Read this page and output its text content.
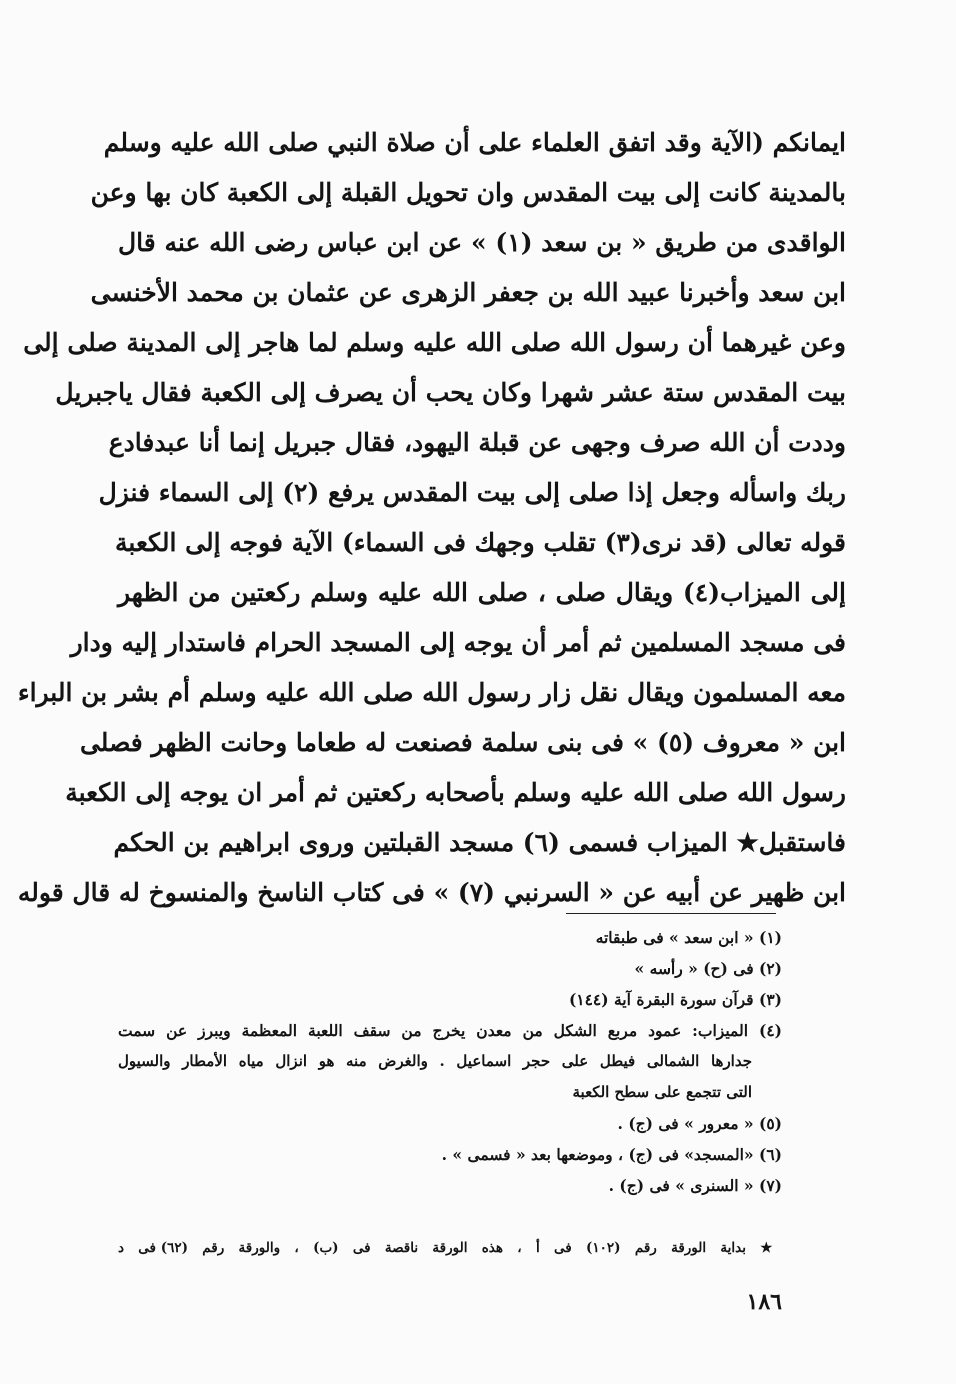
ايمانكم (الآية وقد اتفق العلماء على أن صلاة النبي صلى الله عليه وسلم
بالمدينة كانت إلى بيت المقدس وان تحويل القبلة إلى الكعبة كان بها وعن
الواقدى من طريق « بن سعد (١) » عن ابن عباس رضى الله عنه قال
ابن سعد وأخبرنا عبيد الله بن جعفر الزهرى عن عثمان بن محمد الأخنسى
وعن غيرهما أن رسول الله صلى الله عليه وسلم لما هاجر إلى المدينة صلى إلى
بيت المقدس ستة عشر شهرا وكان يحب أن يصرف إلى الكعبة فقال ياجبريل
وددت أن الله صرف وجهى عن قبلة اليهود، فقال جبريل إنما أنا عبدفادع
ربك واسأله وجعل إذا صلى إلى بيت المقدس يرفع (٢) إلى السماء فنزل
قوله تعالى (قد نرى(٣) تقلب وجهك فى السماء) الآية فوجه إلى الكعبة
إلى الميزاب(٤) ويقال صلى ، صلى الله عليه وسلم ركعتين من الظهر
فى مسجد المسلمين ثم أمر أن يوجه إلى المسجد الحرام فاستدار إليه ودار
معه المسلمون ويقال نقل زار رسول الله صلى الله عليه وسلم أم بشر بن البراء
ابن « معروف (٥) » فى بنى سلمة فصنعت له طعاما وحانت الظهر فصلى
رسول الله صلى الله عليه وسلم بأصحابه ركعتين ثم أمر ان يوجه إلى الكعبة
فاستقبل★ الميزاب فسمى (٦) مسجد القبلتين وروى ابراهيم بن الحكم
ابن ظهير عن أبيه عن « السرنبي (٧) » فى كتاب الناسخ والمنسوخ له قال قوله
(١) « ابن سعد » فى طبقاته
(٢) فى (ح) « رأسه »
(٣) قرآن سورة البقرة آية (١٤٤)
(٤) الميزاب: عمود مربع الشكل من معدن يخرج من سقف اللعبة المعظمة ويبرز عن سمت
جدارها الشمالى فيطل على حجر اسماعيل . والغرض منه هو انزال مياه الأمطار والسيول
التى تتجمع على سطح الكعبة
(٥) « معرور » فى (ج) .
(٦) «المسجد» فى (ج) ، وموضعها بعد « فسمى » .
(٧) « السنرى » فى (ج) .
★ بداية الورقة رقم (١٠٢) فى أ ، هذه الورقة ناقصة فى (ب) ، والورقة رقم (٦٢) فى د
١٨٦
